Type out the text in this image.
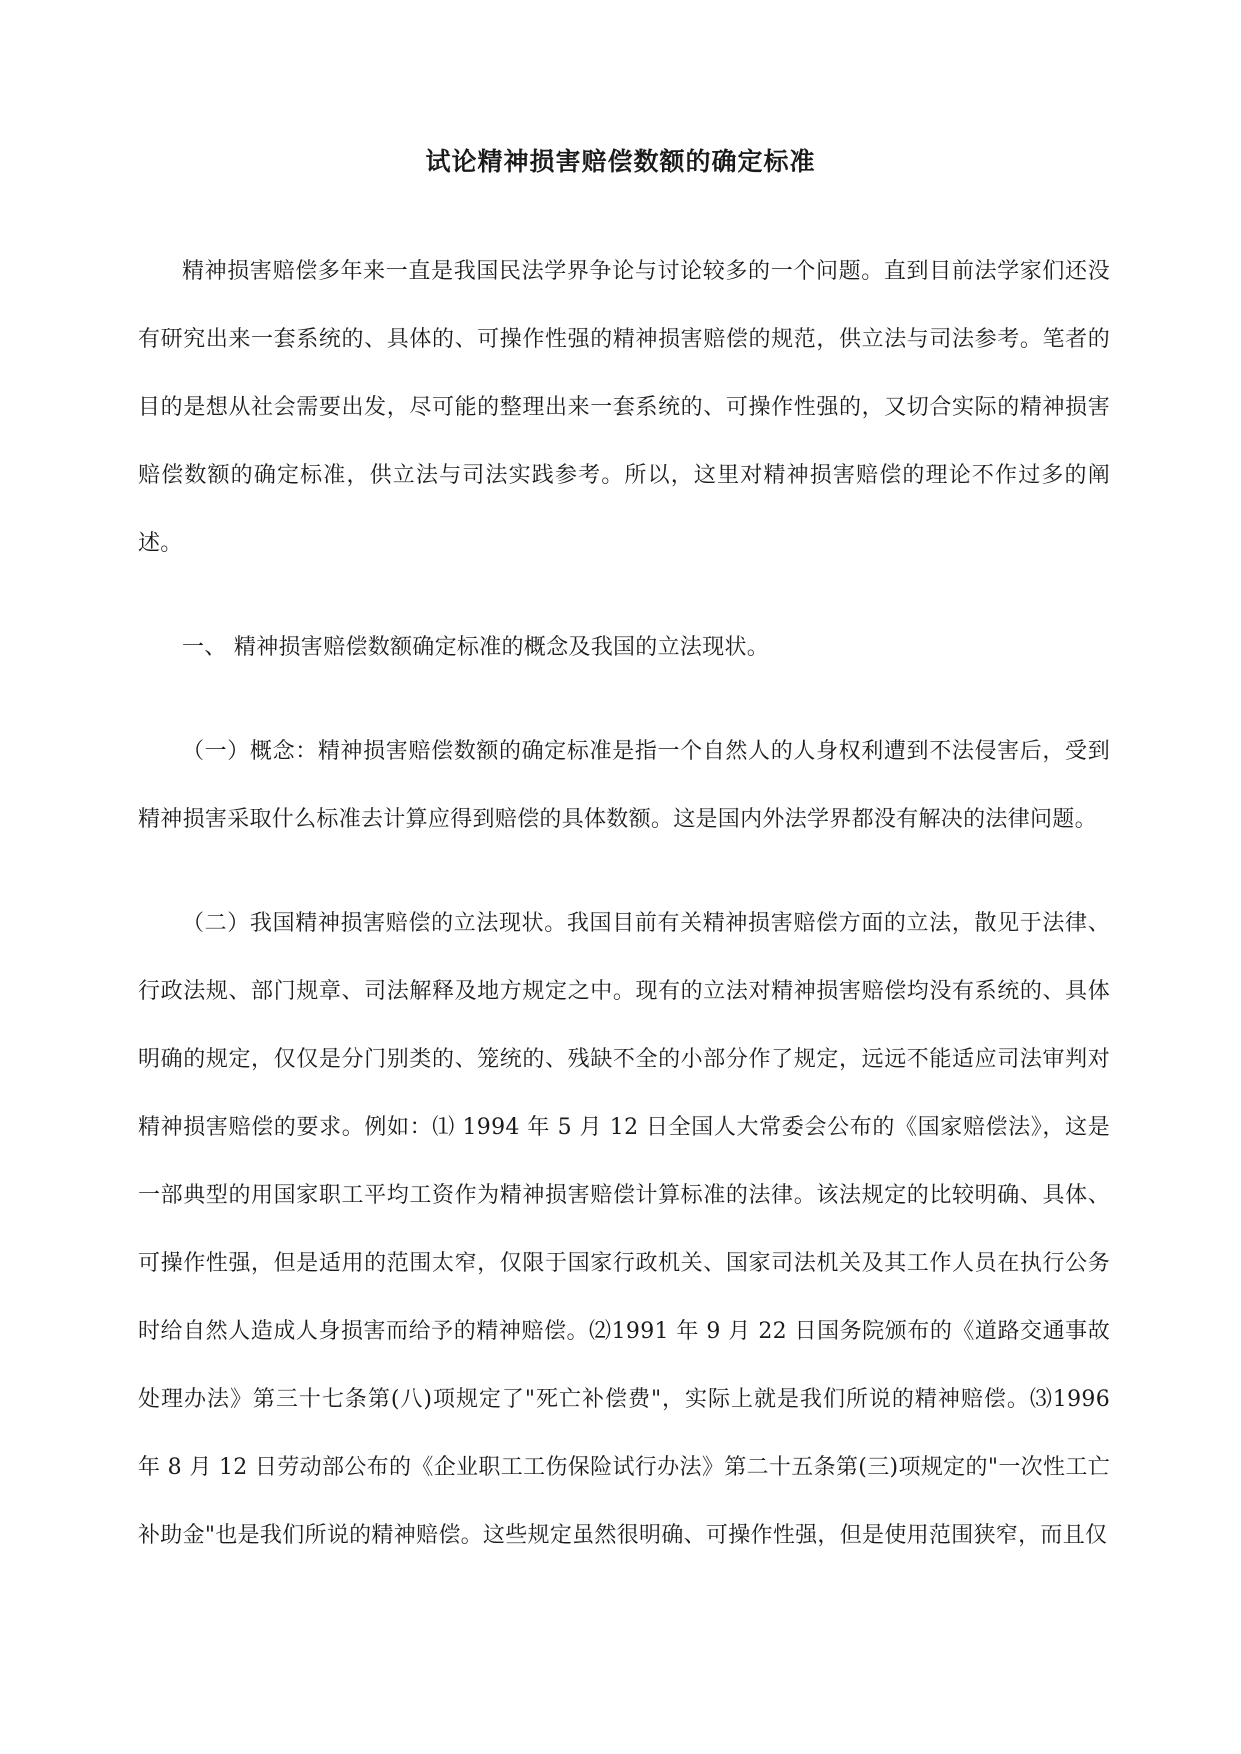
试论精神损害赔偿数额的确定标准

精神损害赔偿多年来一直是我国民法学界争论与讨论较多的一个问题。直到目前法学家们还没有研究出来一套系统的、具体的、可操作性强的精神损害赔偿的规范，供立法与司法参考。笔者的目的是想从社会需要出发，尽可能的整理出来一套系统的、可操作性强的，又切合实际的精神损害赔偿数额的确定标准，供立法与司法实践参考。所以，这里对精神损害赔偿的理论不作过多的阐述。

一、 精神损害赔偿数额确定标准的概念及我国的立法现状。

（一）概念：精神损害赔偿数额的确定标准是指一个自然人的人身权利遭到不法侵害后，受到精神损害采取什么标准去计算应得到赔偿的具体数额。这是国内外法学界都没有解决的法律问题。

（二）我国精神损害赔偿的立法现状。我国目前有关精神损害赔偿方面的立法，散见于法律、行政法规、部门规章、司法解释及地方规定之中。现有的立法对精神损害赔偿均没有系统的、具体明确的规定，仅仅是分门别类的、笼统的、残缺不全的小部分作了规定，远远不能适应司法审判对精神损害赔偿的要求。例如：⑴ 1994 年 5 月 12 日全国人大常委会公布的《国家赔偿法》，这是一部典型的用国家职工平均工资作为精神损害赔偿计算标准的法律。该法规定的比较明确、具体、可操作性强，但是适用的范围太窄，仅限于国家行政机关、国家司法机关及其工作人员在执行公务时给自然人造成人身损害而给予的精神赔偿。⑵1991 年 9 月 22 日国务院颁布的《道路交通事故处理办法》第三十七条第(八)项规定了"死亡补偿费"，实际上就是我们所说的精神赔偿。⑶1996 年 8 月 12 日劳动部公布的《企业职工工伤保险试行办法》第二十五条第(三)项规定的"一次性工亡补助金"也是我们所说的精神赔偿。这些规定虽然很明确、可操作性强，但是使用范围狭窄，而且仅
